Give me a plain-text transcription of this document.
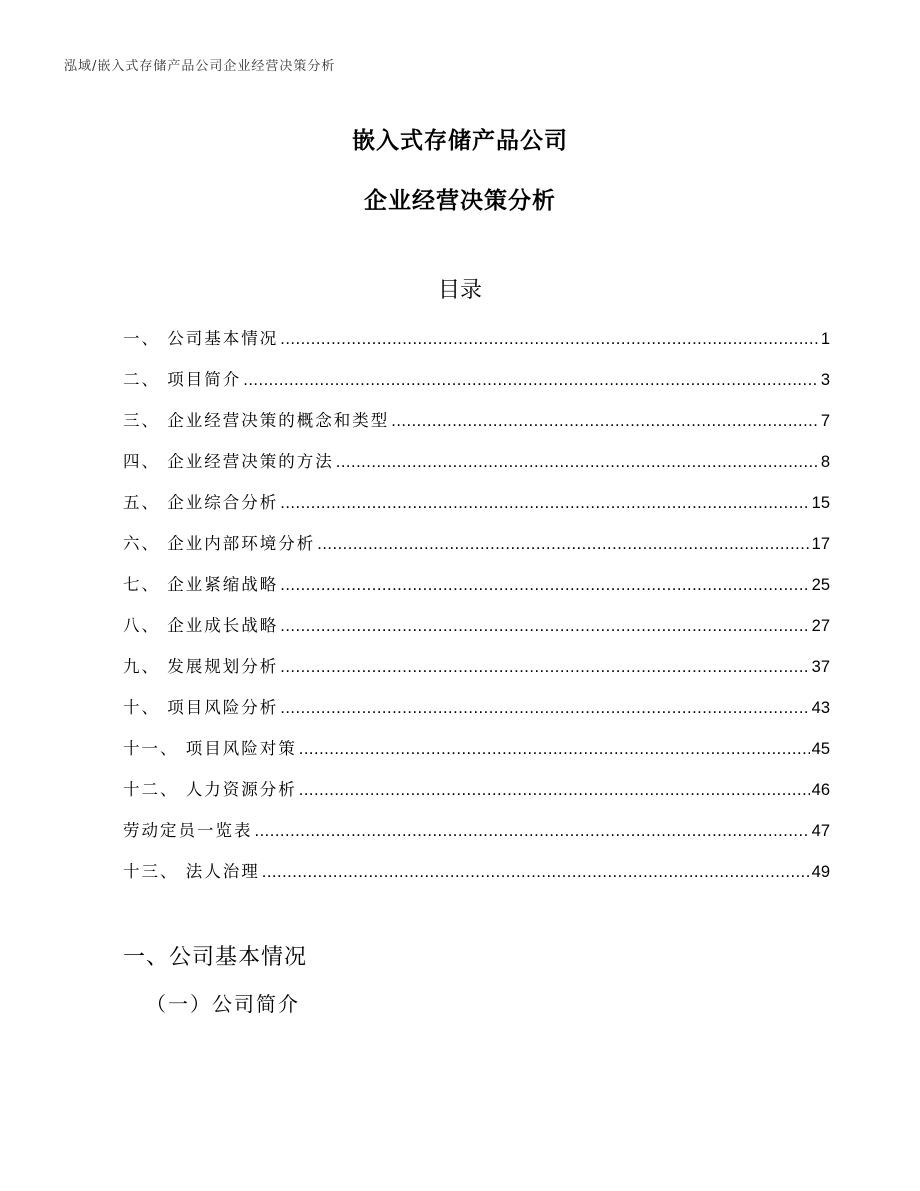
泓域/嵌入式存储产品公司企业经营决策分析
嵌入式存储产品公司
企业经营决策分析
目录
一、 公司基本情况 .....	1
二、 项目简介 .....	3
三、 企业经营决策的概念和类型 .....	7
四、 企业经营决策的方法 .....	8
五、 企业综合分析 .....	15
六、 企业内部环境分析 .....	17
七、 企业紧缩战略 .....	25
八、 企业成长战略 .....	27
九、 发展规划分析 .....	37
十、 项目风险分析 .....	43
十一、 项目风险对策 .....	45
十二、 人力资源分析 .....	46
劳动定员一览表 .....	47
十三、 法人治理 .....	49
一、公司基本情况
（一）公司简介
